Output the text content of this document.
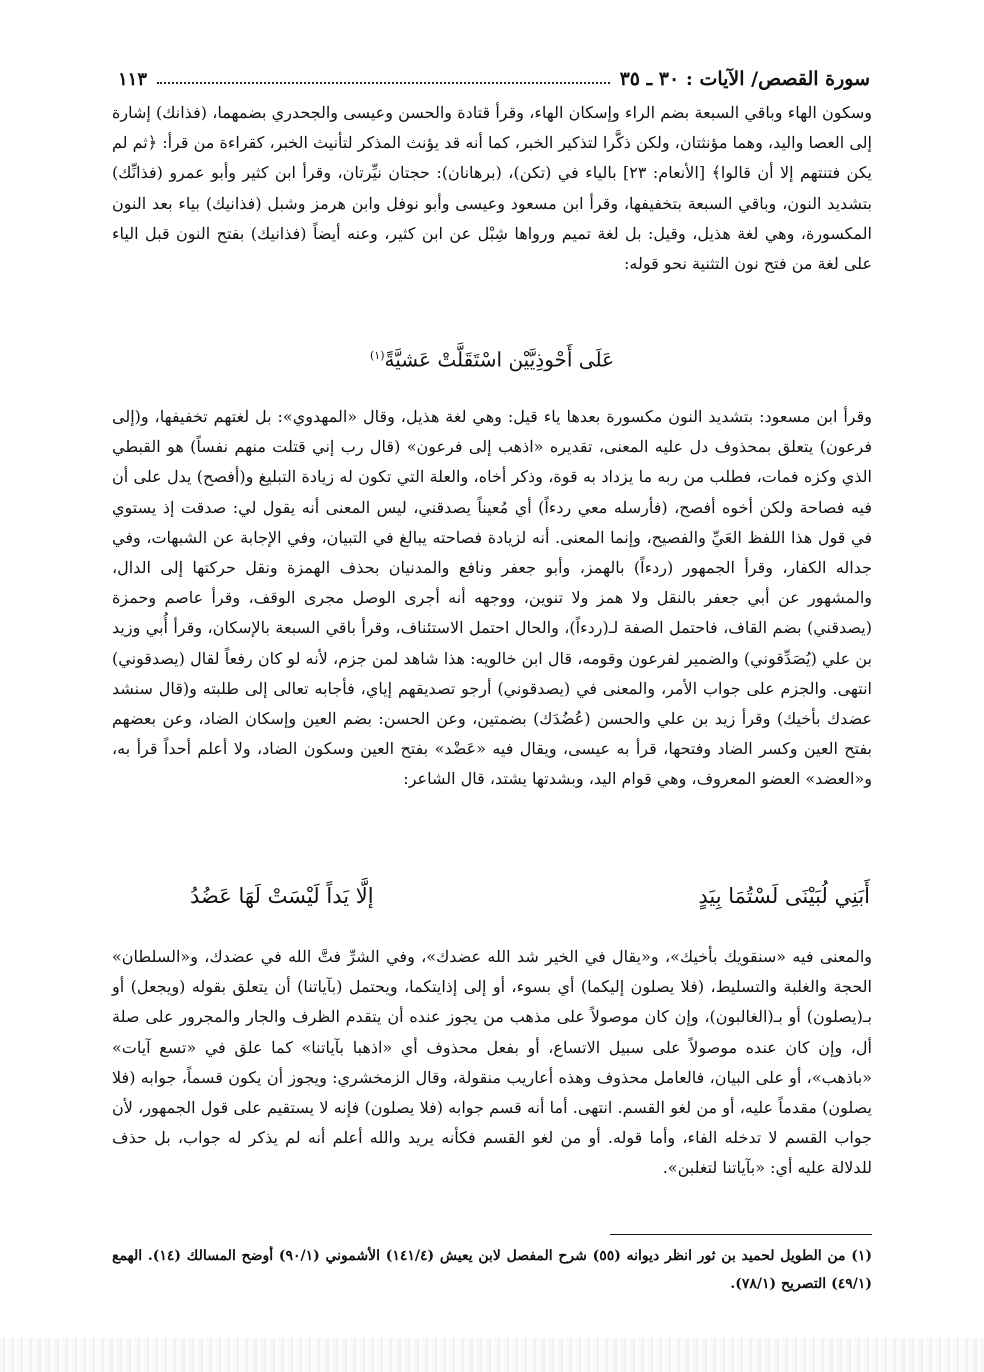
سورة القصص/ الآيات : ٣٠ ـ ٣٥
١١٣

وسكون الهاء وباقي السبعة بضم الراء وإسكان الهاء، وقرأ قتادة والحسن وعيسى والجحدري بضمهما، (فذانك) إشارة إلى العصا واليد، وهما مؤنثتان، ولكن ذكَّرا لتذكير الخبر، كما أنه قد يؤنث المذكر لتأنيث الخبر، كقراءة من قرأ: ﴿ثم لم يكن فتنتهم إلا أن قالوا﴾ [الأنعام: ٢٣] بالياء في (تكن)، (برهانان): حجتان نيِّرتان، وقرأ ابن كثير وأبو عمرو (فذانِّك) بتشديد النون، وباقي السبعة بتخفيفها، وقرأ ابن مسعود وعيسى وأبو نوفل وابن هرمز وشبل (فذانيك) بياء بعد النون المكسورة، وهي لغة هذيل، وقيل: بل لغة تميم ورواها شِبْل عن ابن كثير، وعنه أيضاً (فذانيك) بفتح النون قبل الياء على لغة من فتح نون التثنية نحو قوله:

عَلَى أَحْوذِيَّيْن اسْتَقَلَّتْ عَشيَّةً$^{(١)}$

وقرأ ابن مسعود: بتشديد النون مكسورة بعدها ياء قيل: وهي لغة هذيل، وقال «المهدوي»: بل لغتهم تخفيفها، و(إلى فرعون) يتعلق بمحذوف دل عليه المعنى، تقديره «اذهب إلى فرعون» (قال رب إني قتلت منهم نفساً) هو القبطي الذي وكزه فمات، فطلب من ربه ما يزداد به قوة، وذكر أخاه، والعلة التي تكون له زيادة التبليغ و(أفصح) يدل على أن فيه فصاحة ولكن أخوه أفصح، (فأرسله معي ردءاً) أي مُعيناً يصدقني، ليس المعنى أنه يقول لي: صدقت إذ يستوي في قول هذا اللفظ العَيِّ والفصيح، وإنما المعنى. أنه لزيادة فصاحته يبالغ في التبيان، وفي الإجابة عن الشبهات، وفي جداله الكفار، وقرأ الجمهور (ردءاً) بالهمز، وأبو جعفر ونافع والمدنيان بحذف الهمزة ونقل حركتها إلى الدال، والمشهور عن أبي جعفر بالنقل ولا همز ولا تنوين، ووجهه أنه أجرى الوصل مجرى الوقف، وقرأ عاصم وحمزة (يصدقني) بضم القاف، فاحتمل الصفة لـ(ردءاً)، والحال احتمل الاستئناف، وقرأ باقي السبعة بالإسكان، وقرأ أُبي وزيد بن علي (يُصَدِّقوني) والضمير لفرعون وقومه، قال ابن خالويه: هذا شاهد لمن جزم، لأنه لو كان رفعاً لقال (يصدقوني) انتهى. والجزم على جواب الأمر، والمعنى في (يصدقوني) أرجو تصديقهم إياي، فأجابه تعالى إلى طلبته و(قال سنشد عضدك بأخيك) وقرأ زيد بن علي والحسن (عُضُدَك) بضمتين، وعن الحسن: بضم العين وإسكان الضاد، وعن بعضهم بفتح العين وكسر الضاد وفتحها، قرأ به عيسى، ويقال فيه «عَضْد» بفتح العين وسكون الضاد، ولا أعلم أحداً قرأ به، و«العضد» العضو المعروف، وهي قوام اليد، وبشدتها يشتد، قال الشاعر:

أَبَنِي لُبَيْنَى لَسْتُمَا بِيَدٍ
إلَّا يَداً لَيْسَتْ لَهَا عَضُدُ

والمعنى فيه «سنقويك بأخيك»، و«يقال في الخير شد الله عضدك»، وفي الشرِّ فتَّ الله في عضدك، و«السلطان» الحجة والغلبة والتسليط، (فلا يصلون إليكما) أي بسوء، أو إلى إذايتكما، ويحتمل (بآياتنا) أن يتعلق بقوله (ويجعل) أو بـ(يصلون) أو بـ(الغالبون)، وإن كان موصولاً على مذهب من يجوز عنده أن يتقدم الظرف والجار والمجرور على صلة أل، وإن كان عنده موصولاً على سبيل الاتساع، أو بفعل محذوف أي «اذهبا بآياتنا» كما علق في «تسع آيات» «باذهب»، أو على البيان، فالعامل محذوف وهذه أعاريب منقولة، وقال الزمخشري: ويجوز أن يكون قسماً، جوابه (فلا يصلون) مقدماً عليه، أو من لغو القسم. انتهى. أما أنه قسم جوابه (فلا يصلون) فإنه لا يستقيم على قول الجمهور، لأن جواب القسم لا تدخله الفاء، وأما قوله. أو من لغو القسم فكأنه يريد والله أعلم أنه لم يذكر له جواب، بل حذف للدلالة عليه أي: «بآياتنا لتغلبن».

(١) من الطويل لحميد بن ثور انظر ديوانه (٥٥) شرح المفصل لابن يعيش (١٤١/٤) الأشموني (٩٠/١) أوضح المسالك (١٤). الهمع (٤٩/١) التصريح (٧٨/١).
